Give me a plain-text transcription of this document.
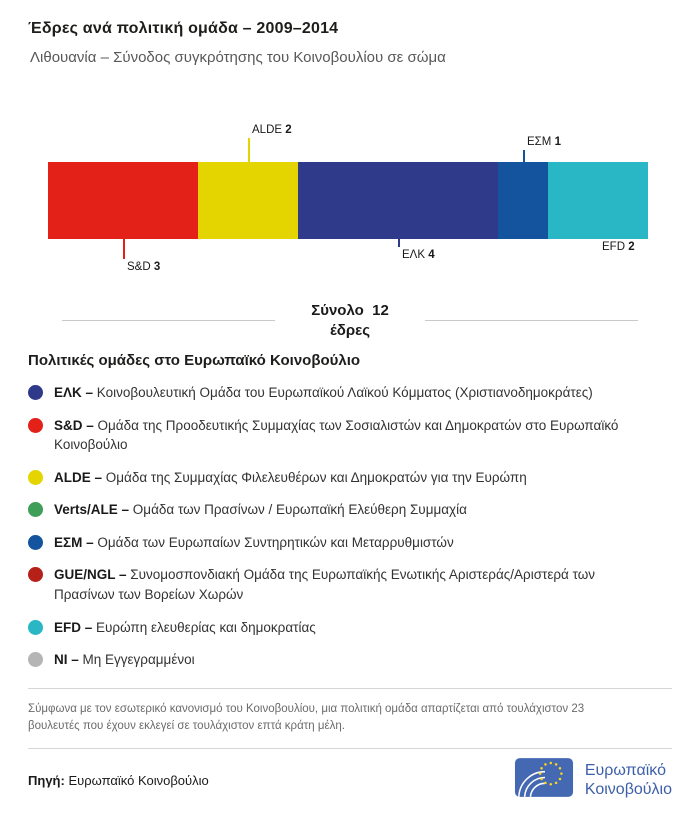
Έδρες ανά πολιτική ομάδα – 2009–2014
Λιθουανία – Σύνοδος συγκρότησης του Κοινοβουλίου σε σώμα
S&D 3
ALDE 2
ΕΛΚ 4
ΕΣΜ 1
EFD 2
Σύνολο  12
έδρες
Πολιτικές ομάδες στο Ευρωπαϊκό Κοινοβούλιο
ΕΛΚ – Κοινοβουλευτική Ομάδα του Ευρωπαϊκού Λαϊκού Κόμματος (Χριστιανοδημοκράτες)
S&D – Ομάδα της Προοδευτικής Συμμαχίας των Σοσιαλιστών και Δημοκρατών στο Ευρωπαϊκό Κοινοβούλιο
ALDE – Ομάδα της Συμμαχίας Φιλελευθέρων και Δημοκρατών για την Ευρώπη
Verts/ALE – Ομάδα των Πρασίνων / Ευρωπαϊκή Ελεύθερη Συμμαχία
ΕΣΜ – Ομάδα των Ευρωπαίων Συντηρητικών και Μεταρρυθμιστών
GUE/NGL – Συνομοσπονδιακή Ομάδα της Ευρωπαϊκής Ενωτικής Αριστεράς/Αριστερά των Πρασίνων των Βορείων Χωρών
EFD – Ευρώπη ελευθερίας και δημοκρατίας
NI – Μη Εγγεγραμμένοι
Σύμφωνα με τον εσωτερικό κανονισμό του Κοινοβουλίου, μια πολιτική ομάδα απαρτίζεται από τουλάχιστον 23 βουλευτές που έχουν εκλεγεί σε τουλάχιστον επτά κράτη μέλη.
Πηγή: Ευρωπαϊκό Κοινοβούλιο
Ευρωπαϊκό
Κοινοβούλιο
